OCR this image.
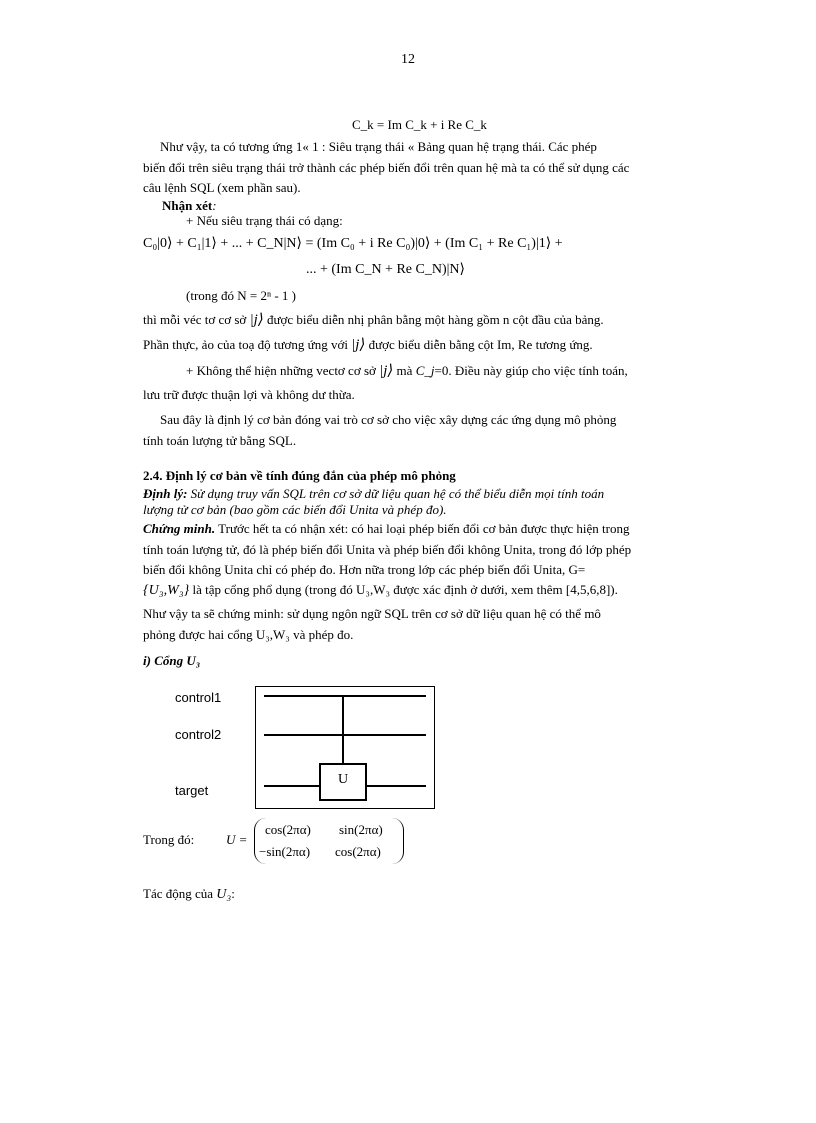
12
C_k = Im C_k + i Re C_k
Như vậy, ta có tương ứng 1« 1 : Siêu trạng thái « Bảng quan hệ trạng thái. Các phép
biến đổi trên siêu trạng thái trở thành các phép biến đổi trên quan hệ mà ta có thể sử dụng các
câu lệnh SQL (xem phần sau).
Nhận xét:
+ Nếu siêu trạng thái có dạng:
C₀|0⟩ + C₁|1⟩ + ... + C_N|N⟩ = (Im C₀ + i Re C₀)|0⟩ + (Im C₁ + Re C₁)|1⟩ +
... + (Im C_N + Re C_N)|N⟩
(trong đó N = 2ⁿ - 1 )
thì mỗi véc tơ cơ sở |j⟩ được biểu diễn nhị phân bằng một hàng gồm n cột đầu của bảng.
Phần thực, ảo của toạ độ tương ứng với |j⟩ được biểu diễn bằng cột Im, Re tương ứng.
+ Không thể hiện những vectơ cơ sở |j⟩ mà C_j=0. Điều này giúp cho việc tính toán,
lưu trữ được thuận lợi và không dư thừa.
Sau đây là định lý cơ bản đóng vai trò cơ sở cho việc xây dựng các ứng dụng mô phỏng
tính toán lượng tử bằng SQL.
2.4. Định lý cơ bản về tính đúng đắn của phép mô phỏng
Định lý: Sử dụng truy vấn SQL trên cơ sở dữ liệu quan hệ có thể biểu diễn mọi tính toán
lượng tử cơ bản (bao gồm các biến đổi Unita và phép đo).
Chứng minh. Trước hết ta có nhận xét: có hai loại phép biến đổi cơ bản được thực hiện trong
tính toán lượng tử, đó là phép biến đổi Unita và phép biến đổi không Unita, trong đó lớp phép
biến đổi không Unita chỉ có phép đo. Hơn nữa trong lớp các phép biến đổi Unita, G=
{U₃,W₃} là tập cổng phổ dụng (trong đó U₃,W₃ được xác định ở dưới, xem thêm [4,5,6,8]).
Như vậy ta sẽ chứng minh: sử dụng ngôn ngữ SQL trên cơ sở dữ liệu quan hệ có thể mô
phỏng được hai cổng U₃,W₃ và phép đo.
i) Cổng U₃
control1
control2
target
U
Trong đó: U =
cos(2πα) sin(2πα)
−sin(2πα) cos(2πα)
Tác động của U₃:
